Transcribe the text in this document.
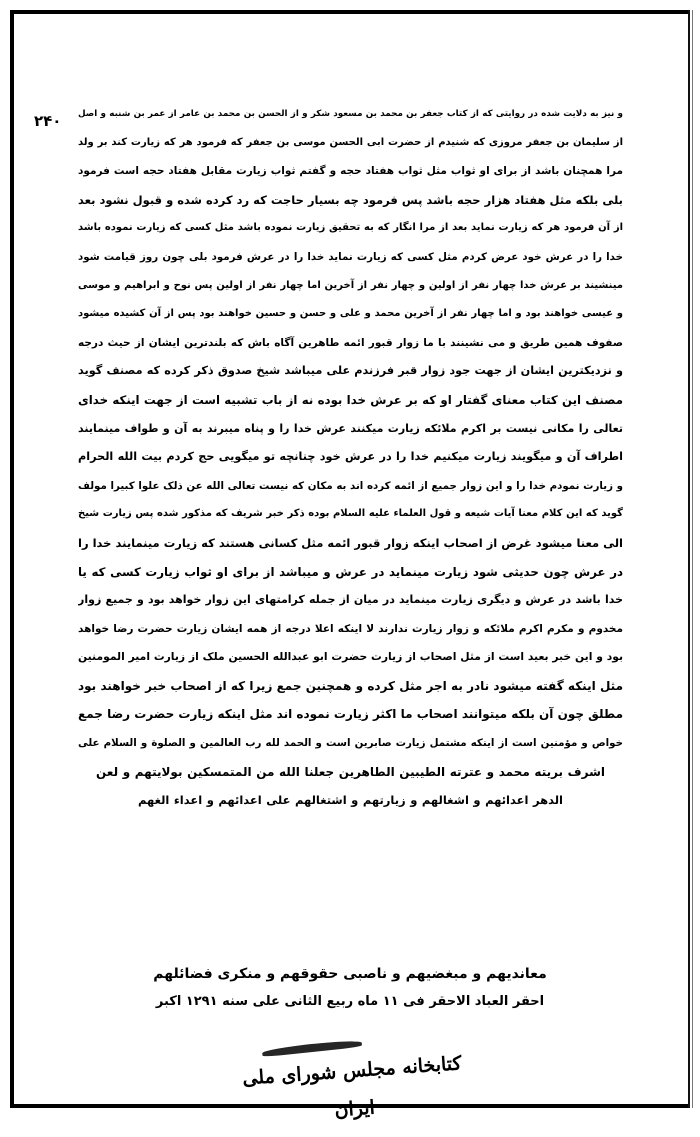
۲۴۰ و نیز به دلایت شده در روایتی که از کتاب جعفر بن محمد بن مسعود شکر و از الحسن بن محمد بن عامر از عمر بن شنبه و اصل
از سلیمان بن جعفر مروزی که شنیدم از حضرت ابی الحسن موسی بن جعفر که فرمود هر که زیارت کند بر ولد
مرا همچنان باشد از برای او ثواب مثل ثواب هفتاد حجه و گفتم ثواب زیارت مقابل هفتاد حجه است فرمود
بلی بلکه مثل هفتاد هزار حجه باشد پس فرمود چه بسیار حاجت که رد کرده شده و قبول نشود بعد
از آن فرمود هر که زیارت نماید بعد از مرا انگار که به تحقیق زیارت نموده باشد مثل کسی که زیارت نموده باشد
خدا را در عرش خود عرض کردم مثل کسی که زیارت نماید خدا را در عرش فرمود بلی چون روز قیامت شود
مینشیند بر عرش خدا چهار نفر از اولین و چهار نفر از آخرین اما چهار نفر از اولین پس نوح و ابراهیم و موسی
و عیسی خواهند بود و اما چهار نفر از آخرین محمد و علی و حسن و حسین خواهند بود پس از آن کشیده میشود
صفوف همین طریق و می نشینند با ما زوار قبور ائمه طاهرین آگاه باش که بلندترین ایشان از حیث درجه
و نزدیکترین ایشان از جهت جود زوار قبر فرزندم علی میباشد شیخ صدوق ذکر کرده که مصنف گوید
مصنف این کتاب معنای گفتار او که بر عرش خدا بوده نه از باب تشبیه است از جهت اینکه خدای
تعالی را مکانی نیست بر اکرم ملائکه زیارت میکنند عرش خدا را و پناه میبرند به آن و طواف مینمایند
اطراف آن و میگویند زیارت میکنیم خدا را در عرش خود چنانچه تو میگویی حج کردم بیت الله الحرام
و زیارت نمودم خدا را و این زوار جمیع از ائمه کرده اند به مکان که نیست تعالی الله عن ذلک علوا کبیرا مولف
گوید که این کلام معنا آیات شیعه و قول العلماء علیه السلام بوده ذکر خبر شریف که مذکور شده پس زیارت شیخ
الی معنا میشود غرض از اصحاب اینکه زوار قبور ائمه مثل کسانی هستند که زیارت مینمایند خدا را
در عرش چون حدیثی شود زیارت مینماید در عرش و میباشد از برای او ثواب زیارت کسی که یا
خدا باشد در عرش و دیگری زیارت مینماید در میان از جمله کرامتهای این زوار خواهد بود و جمیع زوار
مخدوم و مکرم اکرم ملائکه و زوار زیارت ندارند لا اینکه اعلا درجه از همه ایشان زیارت حضرت رضا خواهد
بود و این خبر بعید است از مثل اصحاب از زیارت حضرت ابو عبدالله الحسین ملک از زیارت امیر المومنین
مثل اینکه گفته میشود نادر به اجر مثل کرده و همچنین جمع زیرا که از اصحاب خبر خواهند بود
مطلق چون آن بلکه میتوانند اصحاب ما اکثر زیارت نموده اند مثل اینکه زیارت حضرت رضا جمع
خواص و مؤمنین است از اینکه مشتمل زیارت صابرین است و الحمد لله رب العالمین و الصلوة و السلام علی
اشرف بریته محمد و عترته الطیبین الطاهرین جعلنا الله من المتمسکین بولایتهم و لعن
الدهر اعدائهم و اشغالهم و زیارتهم و اشتغالهم علی اعدائهم و اعداء الغهم
معاندیهم و مبغضیهم و ناصبی حقوقهم و منکری فضائلهم
احقر العباد الاحقر فی ۱۱ ماه ربیع الثانی علی سنه ۱۲۹۱ اکبر
کتابخانه مجلس شورای ملی ایران
